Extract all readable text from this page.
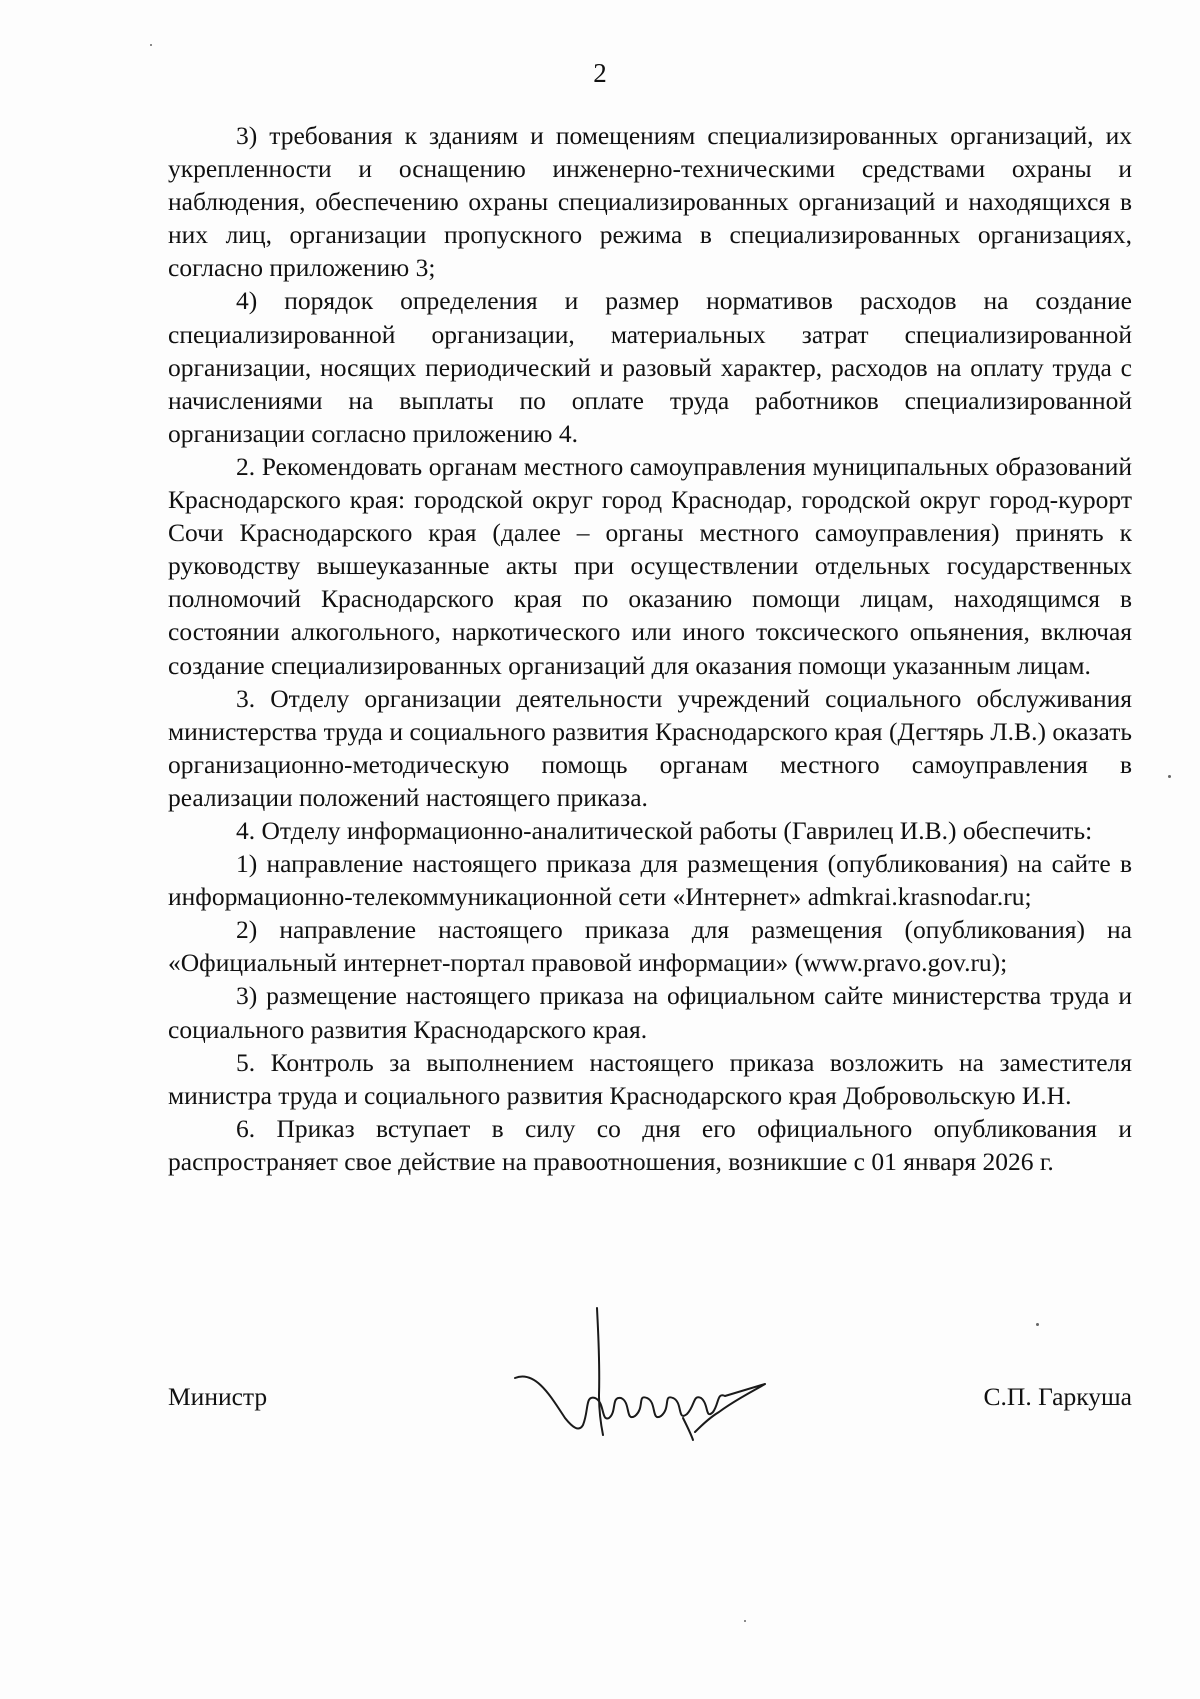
2

3) требования к зданиям и помещениям специализированных организаций, их укрепленности и оснащению инженерно-техническими средствами охраны и наблюдения, обеспечению охраны специализированных организаций и находящихся в них лиц, организации пропускного режима в специализированных организациях, согласно приложению 3;

4) порядок определения и размер нормативов расходов на создание специализированной организации, материальных затрат специализированной организации, носящих периодический и разовый характер, расходов на оплату труда с начислениями на выплаты по оплате труда работников специализированной организации согласно приложению 4.

2. Рекомендовать органам местного самоуправления муниципальных образований Краснодарского края: городской округ город Краснодар, городской округ город-курорт Сочи Краснодарского края (далее – органы местного самоуправления) принять к руководству вышеуказанные акты при осуществлении отдельных государственных полномочий Краснодарского края по оказанию помощи лицам, находящимся в состоянии алкогольного, наркотического или иного токсического опьянения, включая создание специализированных организаций для оказания помощи указанным лицам.

3. Отделу организации деятельности учреждений социального обслуживания министерства труда и социального развития Краснодарского края (Дегтярь Л.В.) оказать организационно-методическую помощь органам местного самоуправления в реализации положений настоящего приказа.

4. Отделу информационно-аналитической работы (Гаврилец И.В.) обеспечить:

1) направление настоящего приказа для размещения (опубликования) на сайте в информационно-телекоммуникационной сети «Интернет» admkrai.krasnodar.ru;

2) направление настоящего приказа для размещения (опубликования) на «Официальный интернет-портал правовой информации» (www.pravo.gov.ru);

3) размещение настоящего приказа на официальном сайте министерства труда и социального развития Краснодарского края.

5. Контроль за выполнением настоящего приказа возложить на заместителя министра труда и социального развития Краснодарского края Добровольскую И.Н.

6. Приказ вступает в силу со дня его официального опубликования и распространяет свое действие на правоотношения, возникшие с 01 января 2026 г.

Министр	С.П. Гаркуша
